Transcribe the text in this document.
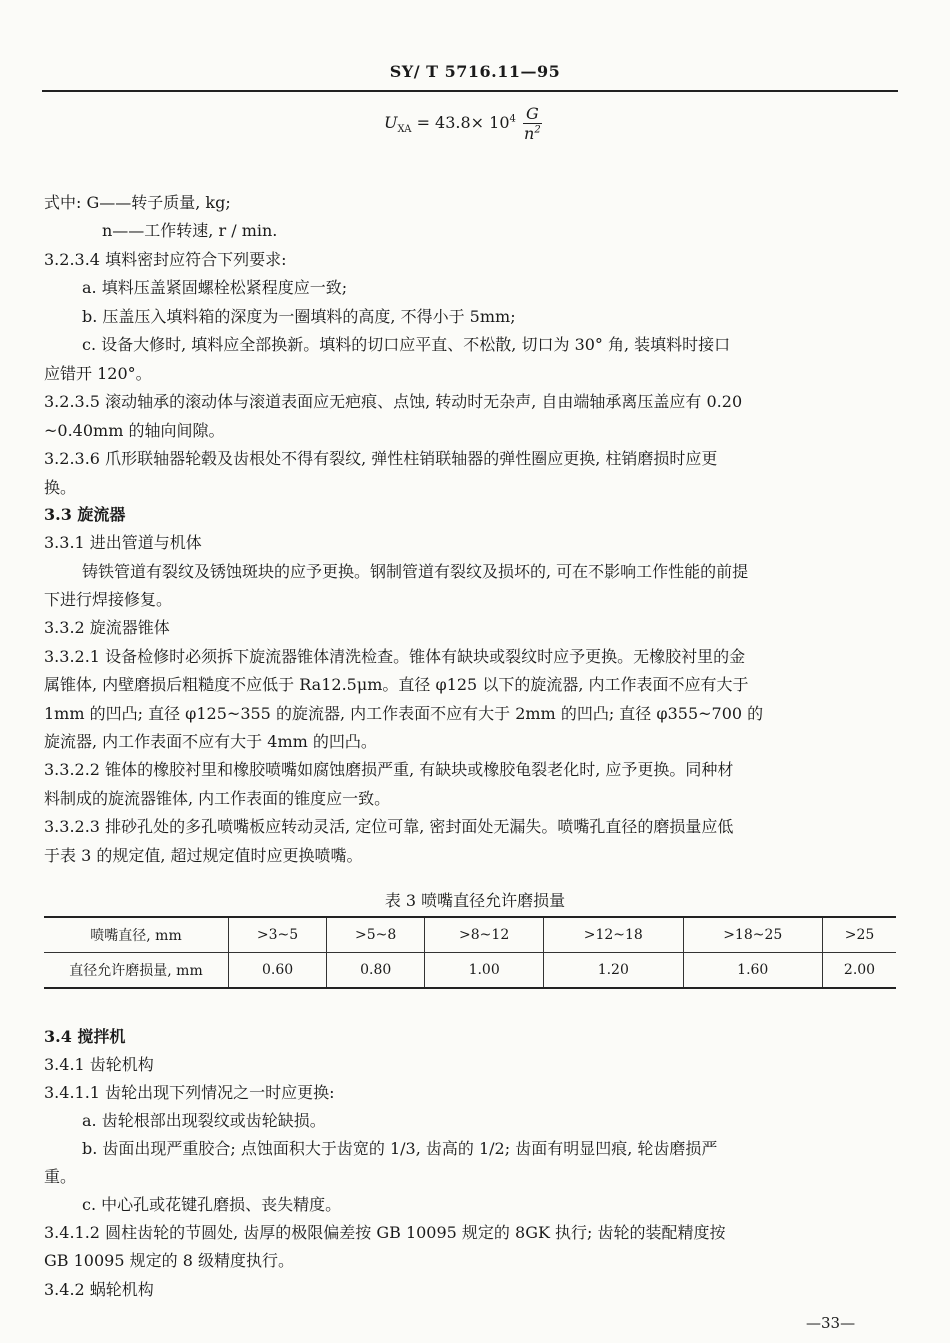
SY/ T 5716.11—95
$U_{XA} = 43.8\times 10^4 \frac{G}{n^2}$
式中: G——转子质量, kg;
n——工作转速, r / min.
3.2.3.4 填料密封应符合下列要求:
a. 填料压盖紧固螺栓松紧程度应一致;
b. 压盖压入填料箱的深度为一圈填料的高度, 不得小于 5mm;
c. 设备大修时, 填料应全部换新。填料的切口应平直、不松散, 切口为 30° 角, 装填料时接口
应错开 120°。
3.2.3.5 滚动轴承的滚动体与滚道表面应无疤痕、点蚀, 转动时无杂声, 自由端轴承离压盖应有 0.20
~0.40mm 的轴向间隙。
3.2.3.6 爪形联轴器轮毂及齿根处不得有裂纹, 弹性柱销联轴器的弹性圈应更换, 柱销磨损时应更
换。
3.3 旋流器
3.3.1 进出管道与机体
铸铁管道有裂纹及锈蚀斑块的应予更换。钢制管道有裂纹及损坏的, 可在不影响工作性能的前提
下进行焊接修复。
3.3.2 旋流器锥体
3.3.2.1 设备检修时必须拆下旋流器锥体清洗检查。锥体有缺块或裂纹时应予更换。无橡胶衬里的金
属锥体, 内壁磨损后粗糙度不应低于 Ra12.5μm。直径 φ125 以下的旋流器, 内工作表面不应有大于
1mm 的凹凸; 直径 φ125~355 的旋流器, 内工作表面不应有大于 2mm 的凹凸; 直径 φ355~700 的
旋流器, 内工作表面不应有大于 4mm 的凹凸。
3.3.2.2 锥体的橡胶衬里和橡胶喷嘴如腐蚀磨损严重, 有缺块或橡胶龟裂老化时, 应予更换。同种材
料制成的旋流器锥体, 内工作表面的锥度应一致。
3.3.2.3 排砂孔处的多孔喷嘴板应转动灵活, 定位可靠, 密封面处无漏失。喷嘴孔直径的磨损量应低
于表 3 的规定值, 超过规定值时应更换喷嘴。
表 3 喷嘴直径允许磨损量
喷嘴直径, mm	>3~5	>5~8	>8~12	>12~18	>18~25	>25
直径允许磨损量, mm	0.60	0.80	1.00	1.20	1.60	2.00
3.4 搅拌机
3.4.1 齿轮机构
3.4.1.1 齿轮出现下列情况之一时应更换:
a. 齿轮根部出现裂纹或齿轮缺损。
b. 齿面出现严重胶合; 点蚀面积大于齿宽的 1/3, 齿高的 1/2; 齿面有明显凹痕, 轮齿磨损严
重。
c. 中心孔或花键孔磨损、丧失精度。
3.4.1.2 圆柱齿轮的节圆处, 齿厚的极限偏差按 GB 10095 规定的 8GK 执行; 齿轮的装配精度按
GB 10095 规定的 8 级精度执行。
3.4.2 蜗轮机构
—33—
